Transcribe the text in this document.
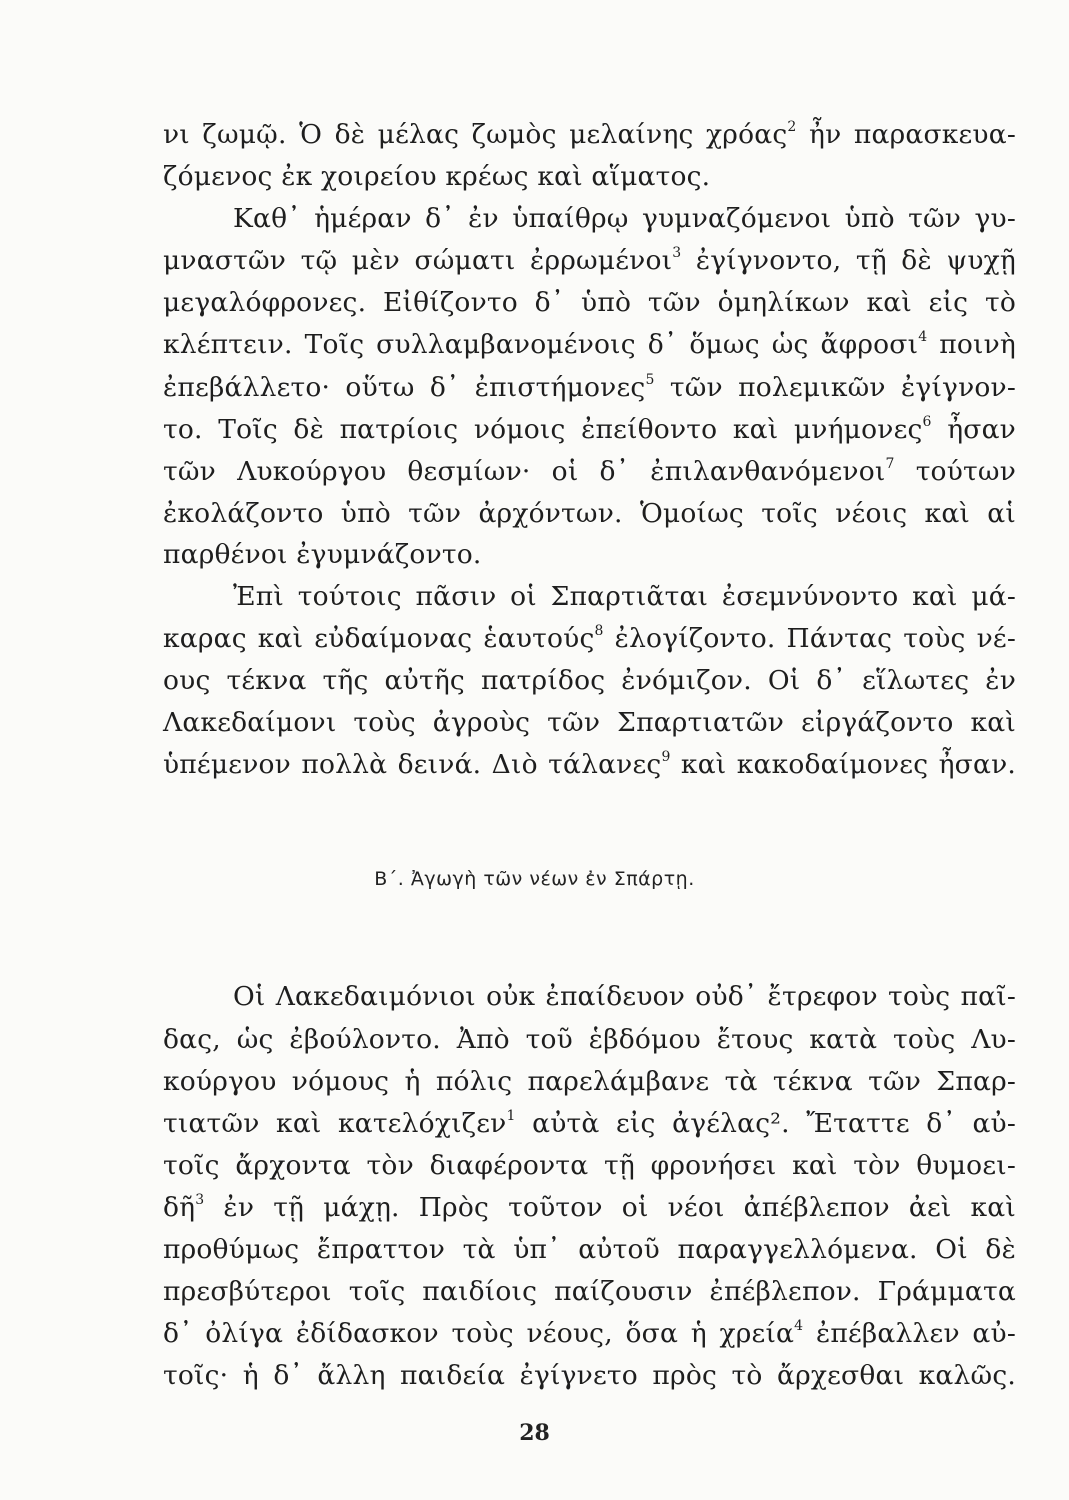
νι ζωμῷ. Ὁ δὲ μέλας ζωμὸς μελαίνης χρόας$^2$ ἦν παρασκευα-
ζόμενος ἐκ χοιρείου κρέως καὶ αἵματος.
Καθ᾽ ἡμέραν δ᾽ ἐν ὑπαίθρῳ γυμναζόμενοι ὑπὸ τῶν γυ-
μναστῶν τῷ μὲν σώματι ἐρρωμένοι$^3$ ἐγίγνοντο, τῇ δὲ ψυχῇ
μεγαλόφρονες. Εἰθίζοντο δ᾽ ὑπὸ τῶν ὁμηλίκων καὶ εἰς τὸ
κλέπτειν. Τοῖς συλλαμβανομένοις δ᾽ ὅμως ὡς ἄφροσι$^4$ ποινὴ
ἐπεβάλλετο· οὕτω δ᾽ ἐπιστήμονες$^5$ τῶν πολεμικῶν ἐγίγνον-
το. Τοῖς δὲ πατρίοις νόμοις ἐπείθοντο καὶ μνήμονες$^6$ ἦσαν
τῶν Λυκούργου θεσμίων· οἱ δ᾽ ἐπιλανθανόμενοι$^7$ τούτων
ἐκολάζοντο ὑπὸ τῶν ἀρχόντων. Ὁμοίως τοῖς νέοις καὶ αἱ
παρθένοι ἐγυμνάζοντο.
Ἐπὶ τούτοις πᾶσιν οἱ Σπαρτιᾶται ἐσεμνύνοντο καὶ μά-
καρας καὶ εὐδαίμονας ἑαυτούς$^8$ ἐλογίζοντο. Πάντας τοὺς νέ-
ους τέκνα τῆς αὐτῆς πατρίδος ἐνόμιζον. Οἱ δ᾽ εἵλωτες ἐν
Λακεδαίμονι τοὺς ἀγροὺς τῶν Σπαρτιατῶν εἰργάζοντο καὶ
ὑπέμενον πολλὰ δεινά. Διὸ τάλανες$^9$ καὶ κακοδαίμονες ἦσαν.
Β΄. Ἀγωγὴ τῶν νέων ἐν Σπάρτῃ.
Οἱ Λακεδαιμόνιοι οὐκ ἐπαίδευον οὐδ᾽ ἔτρεφον τοὺς παῖ-
δας, ὡς ἐβούλοντο. Ἀπὸ τοῦ ἑβδόμου ἔτους κατὰ τοὺς Λυ-
κούργου νόμους ἡ πόλις παρελάμβανε τὰ τέκνα τῶν Σπαρ-
τιατῶν καὶ κατελόχιζεν$^1$ αὐτὰ εἰς ἀγέλας². Ἔταττε δ᾽ αὐ-
τοῖς ἄρχοντα τὸν διαφέροντα τῇ φρονήσει καὶ τὸν θυμοει-
δῆ$^3$ ἐν τῇ μάχῃ. Πρὸς τοῦτον οἱ νέοι ἀπέβλεπον ἀεὶ καὶ
προθύμως ἔπραττον τὰ ὑπ᾽ αὐτοῦ παραγγελλόμενα. Οἱ δὲ
πρεσβύτεροι τοῖς παιδίοις παίζουσιν ἐπέβλεπον. Γράμματα
δ᾽ ὀλίγα ἐδίδασκον τοὺς νέους, ὅσα ἡ χρεία$^4$ ἐπέβαλλεν αὐ-
τοῖς· ἡ δ᾽ ἄλλη παιδεία ἐγίγνετο πρὸς τὸ ἄρχεσθαι καλῶς.
28
